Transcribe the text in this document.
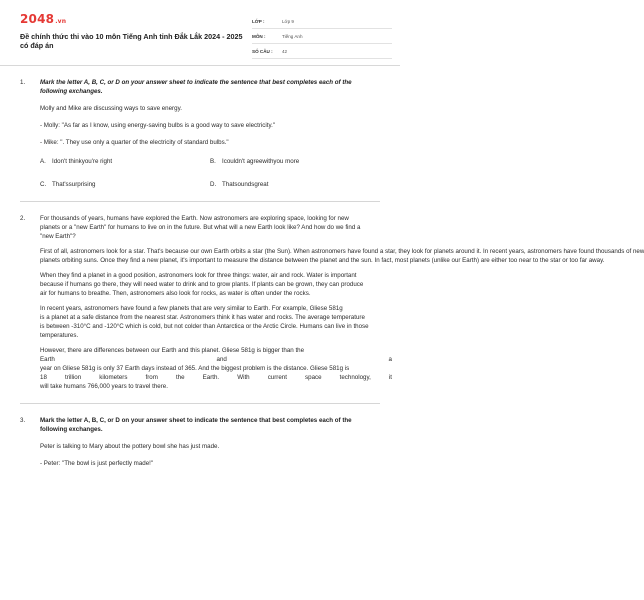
2048.vn
Đề chính thức thi vào 10 môn Tiếng Anh tỉnh Đắk Lắk 2024 - 2025 có đáp án
LỚP :	Lớp 9
MÔN :	Tiếng Anh
SỐ CÂU :	42
1. Mark the letter A, B, C, or D on your answer sheet to indicate the sentence that best completes each of the following exchanges.

Molly and Mike are discussing ways to save energy.

- Molly: "As far as I know, using energy-saving bulbs is a good way to save electricity."

- Mike: ". They use only a quarter of the electricity of standard bulbs."

A. Idon't thinkyou're right	B. Icouldn't agreewithyou more
C. That'ssurprising	D. Thatsoundsgreat
2. For thousands of years, humans have explored the Earth. Now astronomers are exploring space, looking for new planets or a "new Earth" for humans to live on in the future. But what will a new Earth look like? And how do we find a "new Earth"?

First of all, astronomers look for a star. That's because our own Earth orbits a star (the Sun). When astronomers have found a star, they look for planets around it. In recent years, astronomers have found thousands of new

planets orbiting suns. Once they find a new planet, it's important to measure the distance between the planet and the sun. In fact, most planets (unlike our Earth) are either too near to the star or too far away.

When they find a planet in a good position, astronomers look for three things: water, air and rock. Water is important because if humans go there, they will need water to drink and to grow plants. If plants can be grown, they can produce air for humans to breathe. Then, astronomers also look for rocks, as water is often under the rocks.

In recent years, astronomers have found a few planets that are very similar to Earth. For example, Gliese 581g

is a planet at a safe distance from the nearest star. Astronomers think it has water and rocks. The average temperature is between -310°C and -120°C which is cold, but not colder than Antarctica or the Arctic Circle. Humans can live in those temperatures.

However, there are differences between our Earth and this planet. Gliese 581g is bigger than the

Earth	and	a

year on Gliese 581g is only 37 Earth days instead of 365. And the biggest problem is the distance. Gliese 581g is

18	trillion	kilometers	from	the	Earth.	With	current	space	technology,	it

will take humans 766,000 years to travel there.

3. Mark the letter A, B, C, or D on your answer sheet to indicate the sentence that best completes each of the following exchanges.

Peter is talking to Mary about the pottery bowl she has just made.

- Peter: "The bowl is just perfectly made!"
